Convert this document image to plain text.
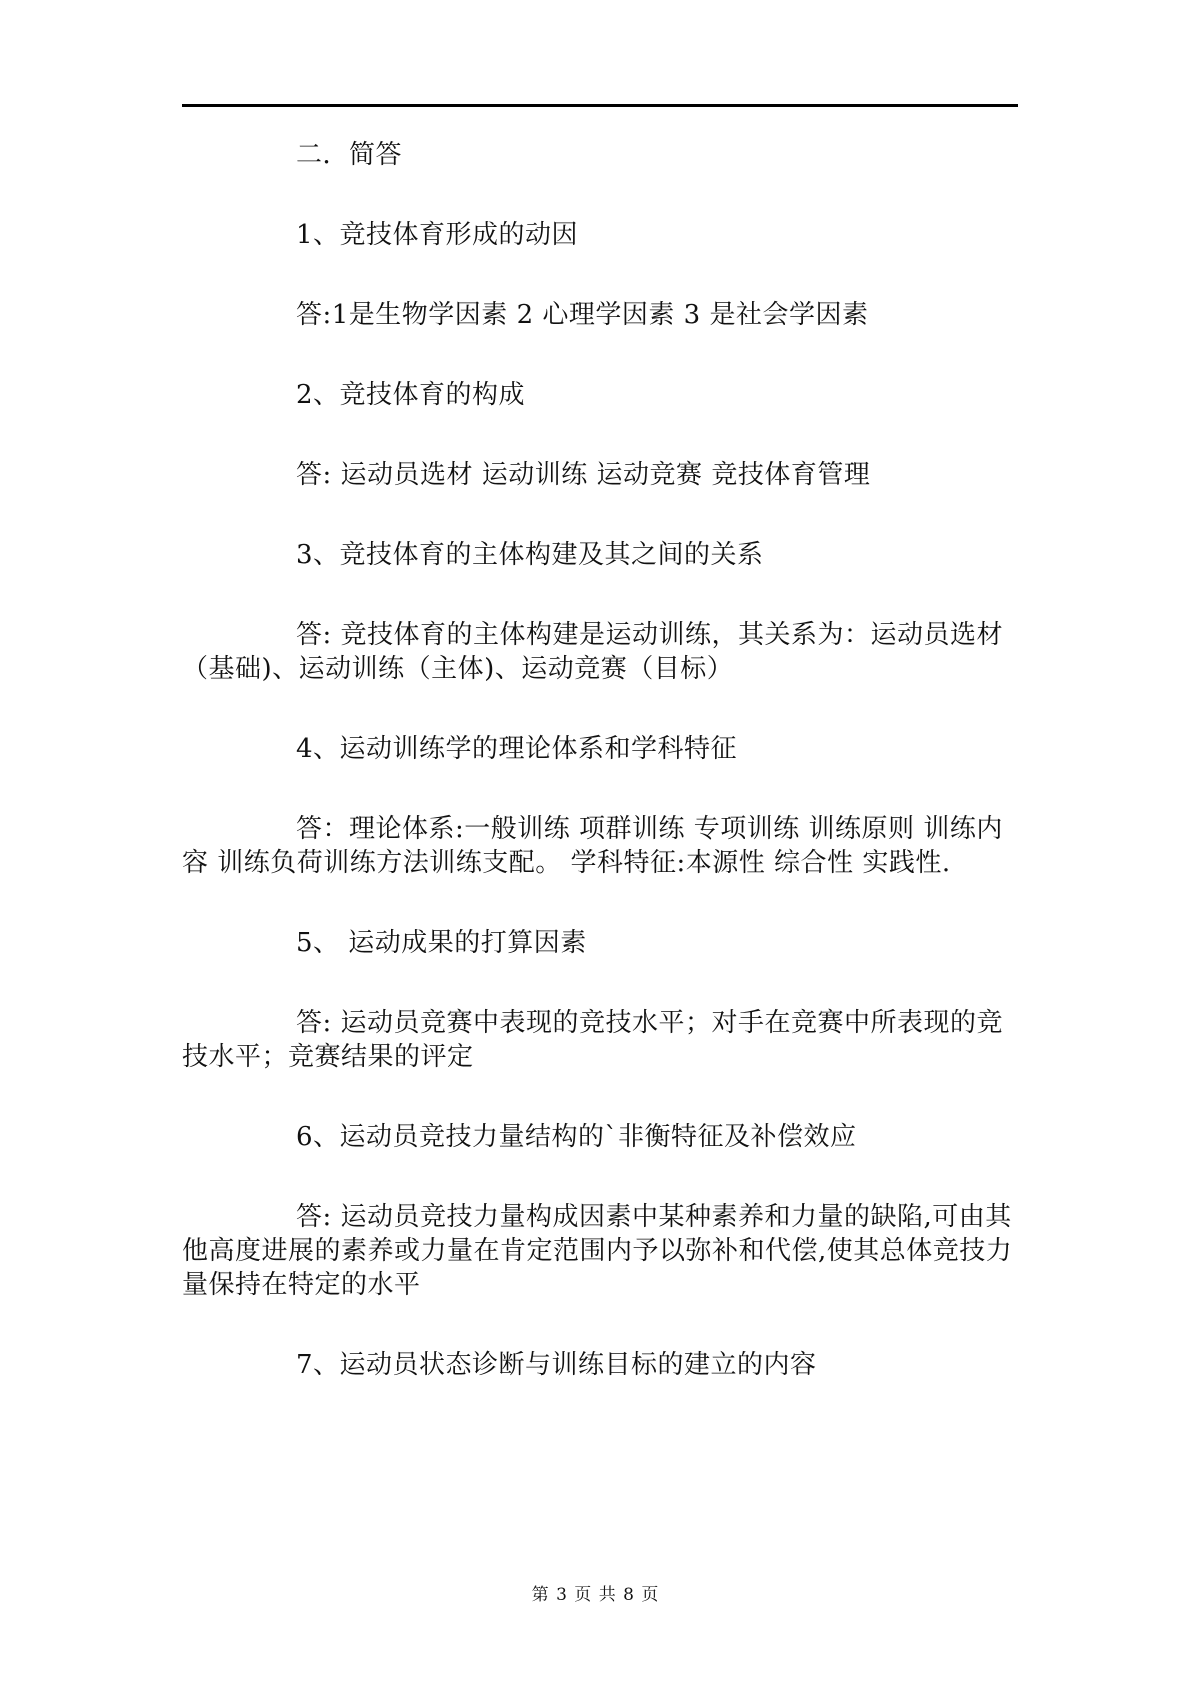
二．简答

1、竞技体育形成的动因

答:1是生物学因素 2 心理学因素 3 是社会学因素

2、竞技体育的构成

答: 运动员选材 运动训练 运动竞赛 竞技体育管理

3、竞技体育的主体构建及其之间的关系

答: 竞技体育的主体构建是运动训练，其关系为：运动员选材（基础)、运动训练（主体)、运动竞赛（目标）

4、运动训练学的理论体系和学科特征

答：理论体系:一般训练 项群训练 专项训练 训练原则 训练内容 训练负荷训练方法训练支配。 学科特征:本源性 综合性 实践性.

5、 运动成果的打算因素

答: 运动员竞赛中表现的竞技水平；对手在竞赛中所表现的竞技水平；竞赛结果的评定

6、运动员竞技力量结构的`非衡特征及补偿效应

答: 运动员竞技力量构成因素中某种素养和力量的缺陷,可由其他高度进展的素养或力量在肯定范围内予以弥补和代偿,使其总体竞技力量保持在特定的水平

7、运动员状态诊断与训练目标的建立的内容

第 3 页 共 8 页
